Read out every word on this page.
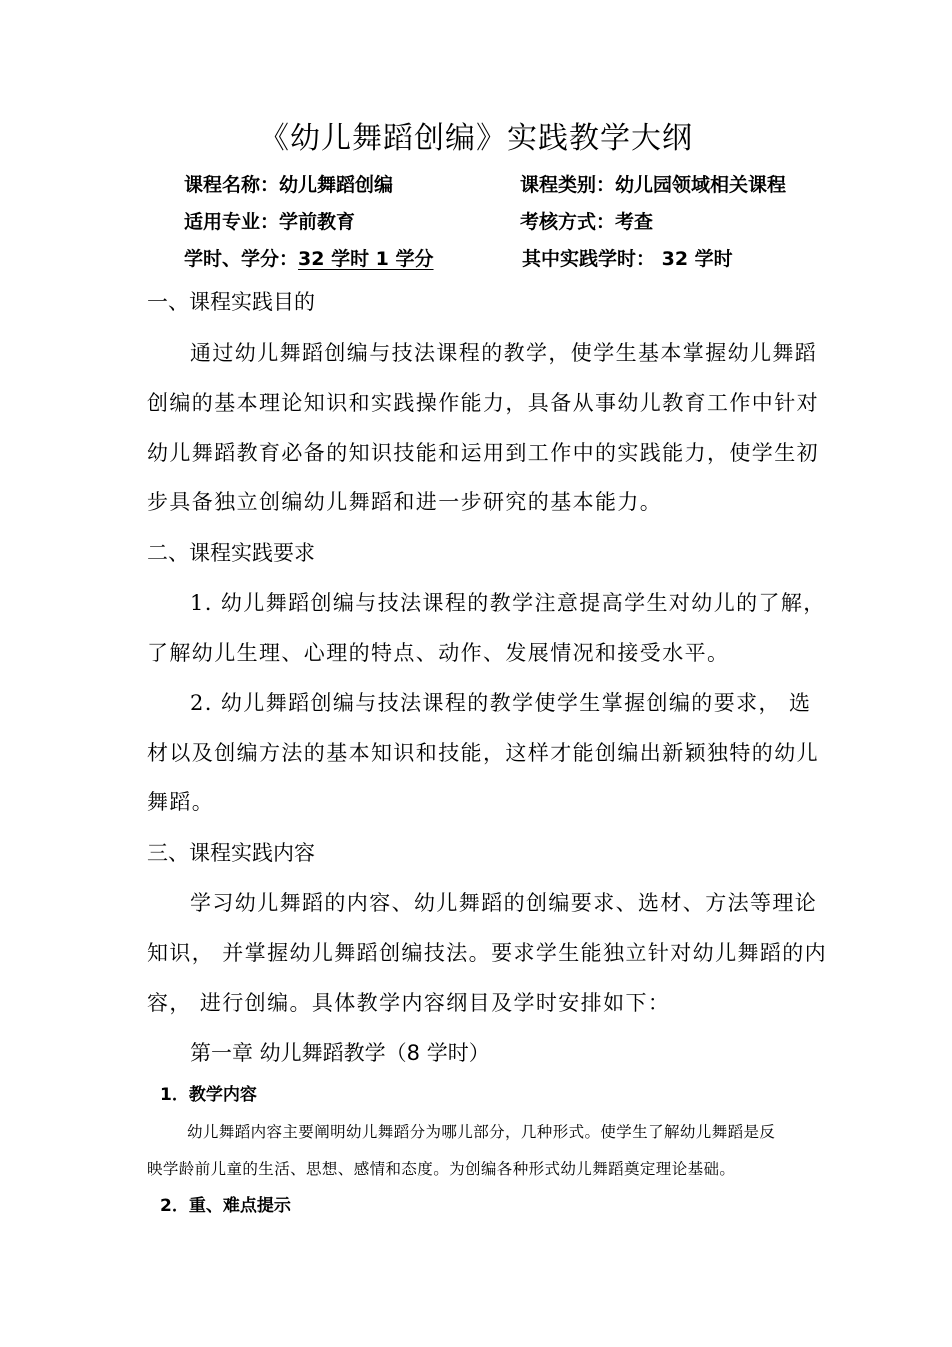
《幼儿舞蹈创编》实践教学大纲
课程名称：幼儿舞蹈创编	课程类别：幼儿园领域相关课程
适用专业：学前教育	考核方式：考查
学时、学分：32 学时 1 学分	其中实践学时： 32 学时
一、课程实践目的
通过幼儿舞蹈创编与技法课程的教学，使学生基本掌握幼儿舞蹈
创编的基本理论知识和实践操作能力，具备从事幼儿教育工作中针对
幼儿舞蹈教育必备的知识技能和运用到工作中的实践能力，使学生初
步具备独立创编幼儿舞蹈和进一步研究的基本能力。
二、课程实践要求
1. 幼儿舞蹈创编与技法课程的教学注意提高学生对幼儿的了解，
了解幼儿生理、心理的特点、动作、发展情况和接受水平。
2. 幼儿舞蹈创编与技法课程的教学使学生掌握创编的要求， 选
材以及创编方法的基本知识和技能，这样才能创编出新颖独特的幼儿
舞蹈。
三、课程实践内容
学习幼儿舞蹈的内容、幼儿舞蹈的创编要求、选材、方法等理论
知识， 并掌握幼儿舞蹈创编技法。要求学生能独立针对幼儿舞蹈的内
容， 进行创编。具体教学内容纲目及学时安排如下：
第一章 幼儿舞蹈教学（8 学时）
1．教学内容
幼儿舞蹈内容主要阐明幼儿舞蹈分为哪儿部分，几种形式。使学生了解幼儿舞蹈是反
映学龄前儿童的生活、思想、感情和态度。为创编各种形式幼儿舞蹈奠定理论基础。
2．重、难点提示
